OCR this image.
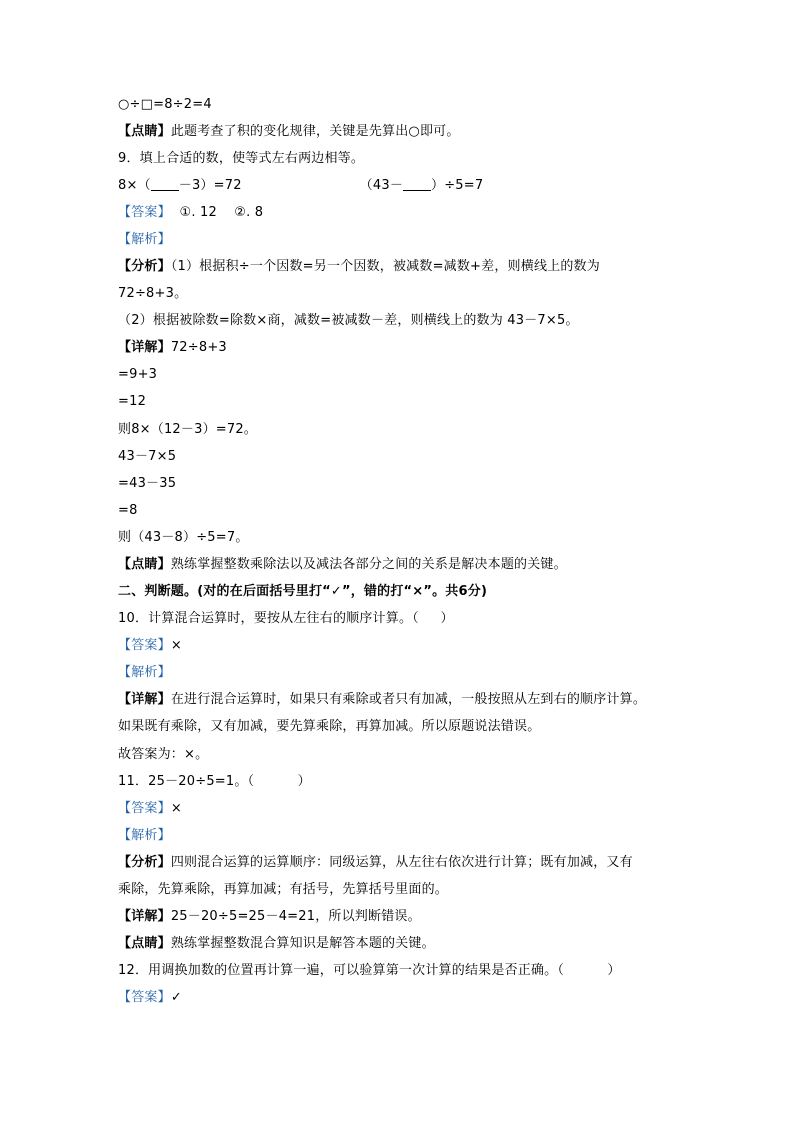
○÷□=8÷2=4
【点睛】此题考查了积的变化规律，关键是先算出○即可。
9．填上合适的数，使等式左右两边相等。
8×（ －3）=72	（43－ ）÷5=7
【答案】  ①. 12    ②. 8
【解析】
【分析】（1）根据积÷一个因数=另一个因数，被减数=减数+差，则横线上的数为
72÷8+3。
（2）根据被除数=除数×商，减数=被减数－差，则横线上的数为 43－7×5。
【详解】72÷8+3
=9+3
=12
则8×（12－3）=72。
43－7×5
=43－35
=8
则（43－8）÷5=7。
【点睛】熟练掌握整数乘除法以及减法各部分之间的关系是解决本题的关键。
二、判断题。(对的在后面括号里打“✓”，错的打“×”。共6分)
10．计算混合运算时，要按从左往右的顺序计算。（     ）
【答案】×
【解析】
【详解】在进行混合运算时，如果只有乘除或者只有加减，一般按照从左到右的顺序计算。
如果既有乘除，又有加减，要先算乘除，再算加减。所以原题说法错误。
故答案为：×。
11．25－20÷5=1。（          ）
【答案】×
【解析】
【分析】四则混合运算的运算顺序：同级运算，从左往右依次进行计算；既有加减，又有
乘除，先算乘除，再算加减；有括号，先算括号里面的。
【详解】25－20÷5=25－4=21，所以判断错误。
【点睛】熟练掌握整数混合算知识是解答本题的关键。
12．用调换加数的位置再计算一遍，可以验算第一次计算的结果是否正确。（          ）
【答案】✓
